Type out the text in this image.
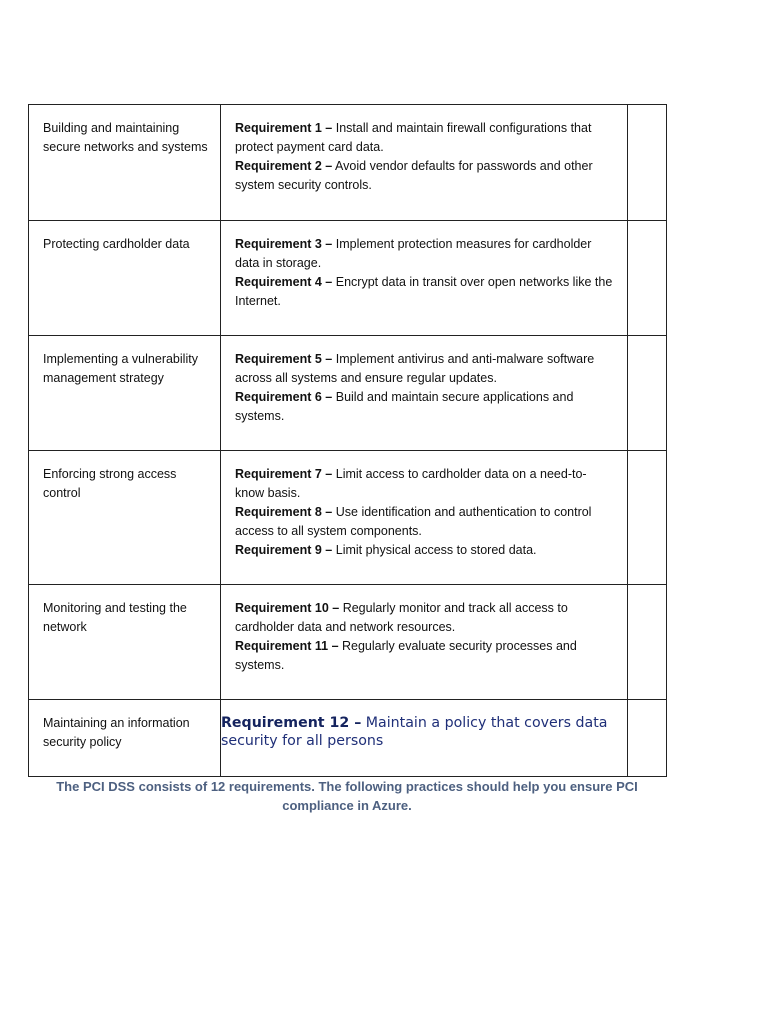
Building and maintaining secure networks and systems	Requirement 1 – Install and maintain firewall configurations that protect payment card data.
Requirement 2 – Avoid vendor defaults for passwords and other system security controls.	

Protecting cardholder data	Requirement 3 – Implement protection measures for cardholder data in storage.
Requirement 4 – Encrypt data in transit over open networks like the Internet.	

Implementing a vulnerability management strategy	Requirement 5 – Implement antivirus and anti-malware software across all systems and ensure regular updates.
Requirement 6 – Build and maintain secure applications and systems.	

Enforcing strong access control	Requirement 7 – Limit access to cardholder data on a need-to-know basis.
Requirement 8 – Use identification and authentication to control access to all system components.
Requirement 9 – Limit physical access to stored data.	

Monitoring and testing the network	Requirement 10 – Regularly monitor and track all access to cardholder data and network resources.
Requirement 11 – Regularly evaluate security processes and systems.	

Maintaining an information security policy	Requirement 12 – Maintain a policy that covers data security for all persons	

The PCI DSS consists of 12 requirements. The following practices should help you ensure PCI compliance in Azure.
